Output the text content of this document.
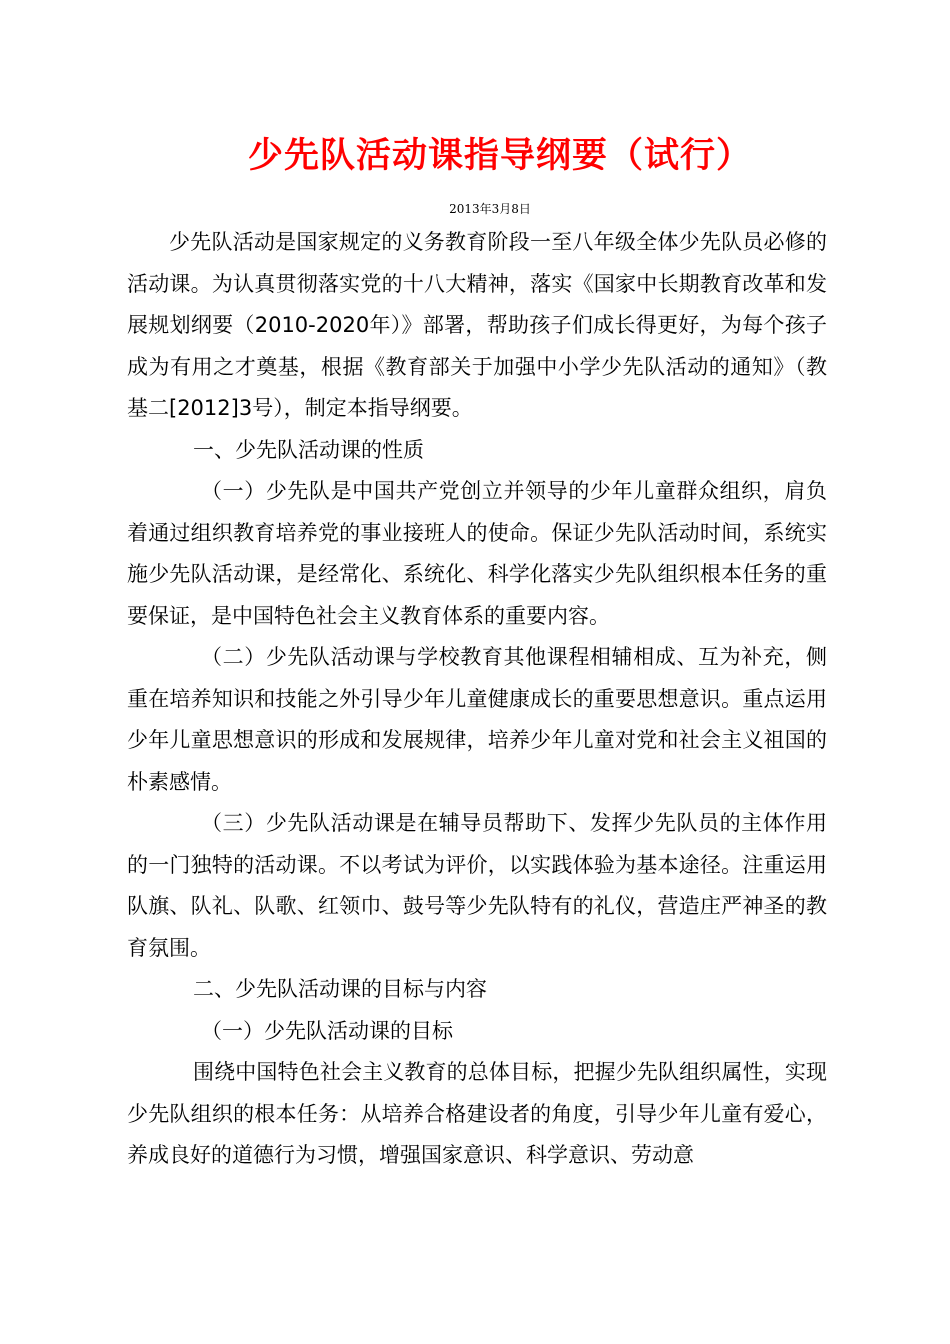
少先队活动课指导纲要（试行）
2013年3月8日

少先队活动是国家规定的义务教育阶段一至八年级全体少先队员必修的活动课。为认真贯彻落实党的十八大精神，落实《国家中长期教育改革和发展规划纲要（2010-2020年）》部署，帮助孩子们成长得更好，为每个孩子成为有用之才奠基，根据《教育部关于加强中小学少先队活动的通知》（教基二[2012]3号），制定本指导纲要。

一、少先队活动课的性质

（一）少先队是中国共产党创立并领导的少年儿童群众组织，肩负着通过组织教育培养党的事业接班人的使命。保证少先队活动时间，系统实施少先队活动课，是经常化、系统化、科学化落实少先队组织根本任务的重要保证，是中国特色社会主义教育体系的重要内容。

（二）少先队活动课与学校教育其他课程相辅相成、互为补充，侧重在培养知识和技能之外引导少年儿童健康成长的重要思想意识。重点运用少年儿童思想意识的形成和发展规律，培养少年儿童对党和社会主义祖国的朴素感情。

（三）少先队活动课是在辅导员帮助下、发挥少先队员的主体作用的一门独特的活动课。不以考试为评价，以实践体验为基本途径。注重运用队旗、队礼、队歌、红领巾、鼓号等少先队特有的礼仪，营造庄严神圣的教育氛围。

二、少先队活动课的目标与内容

（一）少先队活动课的目标

围绕中国特色社会主义教育的总体目标，把握少先队组织属性，实现少先队组织的根本任务：从培养合格建设者的角度，引导少年儿童有爱心，养成良好的道德行为习惯，增强国家意识、科学意识、劳动意
